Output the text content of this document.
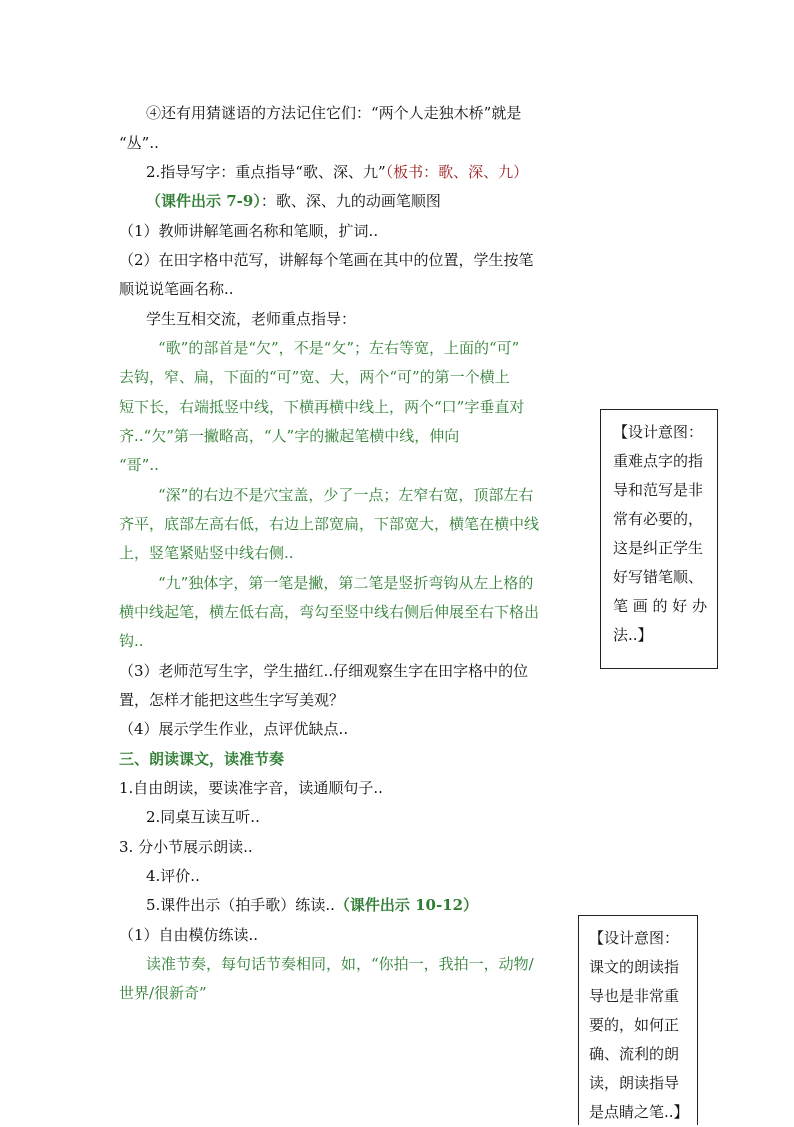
④还有用猜谜语的方法记住它们：“两个人走独木桥”就是
“丛”..
2.指导写字：重点指导“歌、深、九”（板书：歌、深、九）
（课件出示 7-9）：歌、深、九的动画笔顺图
（1）教师讲解笔画名称和笔顺，扩词..
（2）在田字格中范写，讲解每个笔画在其中的位置，学生按笔
顺说说笔画名称..
学生互相交流，老师重点指导：
“歌”的部首是“欠”，不是“攵”；左右等宽，上面的“可”
去钩，窄、扁，下面的“可”宽、大，两个“可”的第一个横上
短下长，右端抵竖中线，下横再横中线上，两个“口”字垂直对
齐..“欠”第一撇略高，“人”字的撇起笔横中线，伸向
“哥”..
“深”的右边不是穴宝盖，少了一点；左窄右宽，顶部左右
齐平，底部左高右低，右边上部宽扁，下部宽大，横笔在横中线
上，竖笔紧贴竖中线右侧..
“九”独体字，第一笔是撇，第二笔是竖折弯钩从左上格的
横中线起笔，横左低右高，弯勾至竖中线右侧后伸展至右下格出
钩..
（3）老师范写生字，学生描红..仔细观察生字在田字格中的位
置，怎样才能把这些生字写美观？
（4）展示学生作业，点评优缺点..
三、朗读课文，读准节奏
1.自由朗读，要读准字音，读通顺句子..
2.同桌互读互听..
3. 分小节展示朗读..
4.评价..
5.课件出示（拍手歌）练读..（课件出示 10-12）
（1）自由模仿练读..
读准节奏，每句话节奏相同，如，“你拍一，我拍一，动物/
世界/很新奇”
【设计意图：
重难点字的指
导和范写是非
常有必要的，
这是纠正学生
好写错笔顺、
笔 画 的 好 办
法..】
【设计意图：
课文的朗读指
导也是非常重
要的，如何正
确、流利的朗
读，朗读指导
是点睛之笔..】
